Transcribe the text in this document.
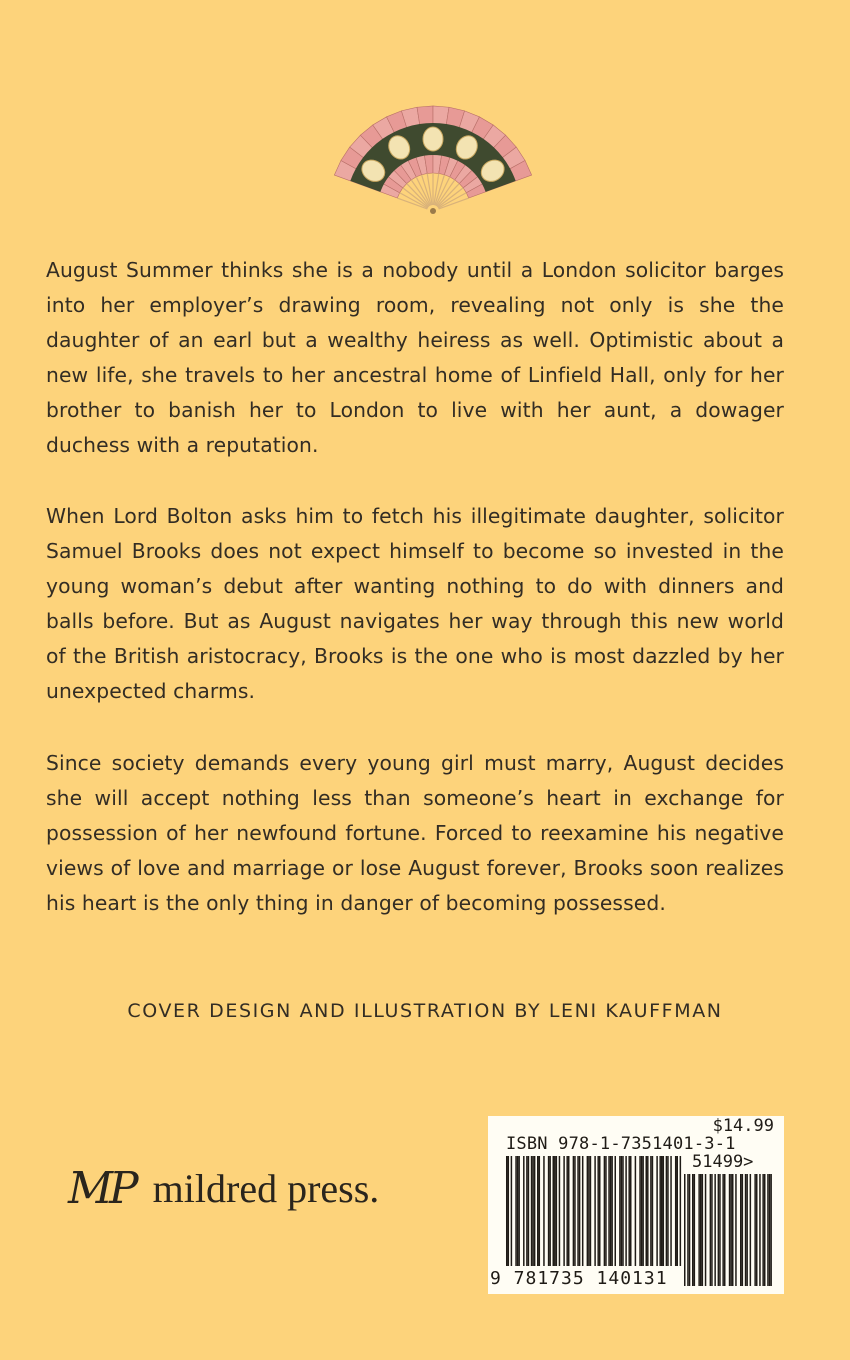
August Summer thinks she is a nobody until a London solicitor barges into her employer’s drawing room, revealing not only is she the daughter of an earl but a wealthy heiress as well. Optimistic about a new life, she travels to her ancestral home of Linfield Hall, only for her brother to banish her to London to live with her aunt, a dowager duchess with a reputation.

When Lord Bolton asks him to fetch his illegitimate daughter, solicitor Samuel Brooks does not expect himself to become so invested in the young woman’s debut after wanting nothing to do with dinners and balls before. But as August navigates her way through this new world of the British aristocracy, Brooks is the one who is most dazzled by her unexpected charms.

Since society demands every young girl must marry, August decides she will accept nothing less than someone’s heart in exchange for possession of her newfound fortune. Forced to reexamine his negative views of love and marriage or lose August forever, Brooks soon realizes his heart is the only thing in danger of becoming possessed.

COVER DESIGN AND ILLUSTRATION BY LENI KAUFFMAN

MP mildred press.
$14.99
ISBN 978-1-7351401-3-1
51499>
9 781735 140131
